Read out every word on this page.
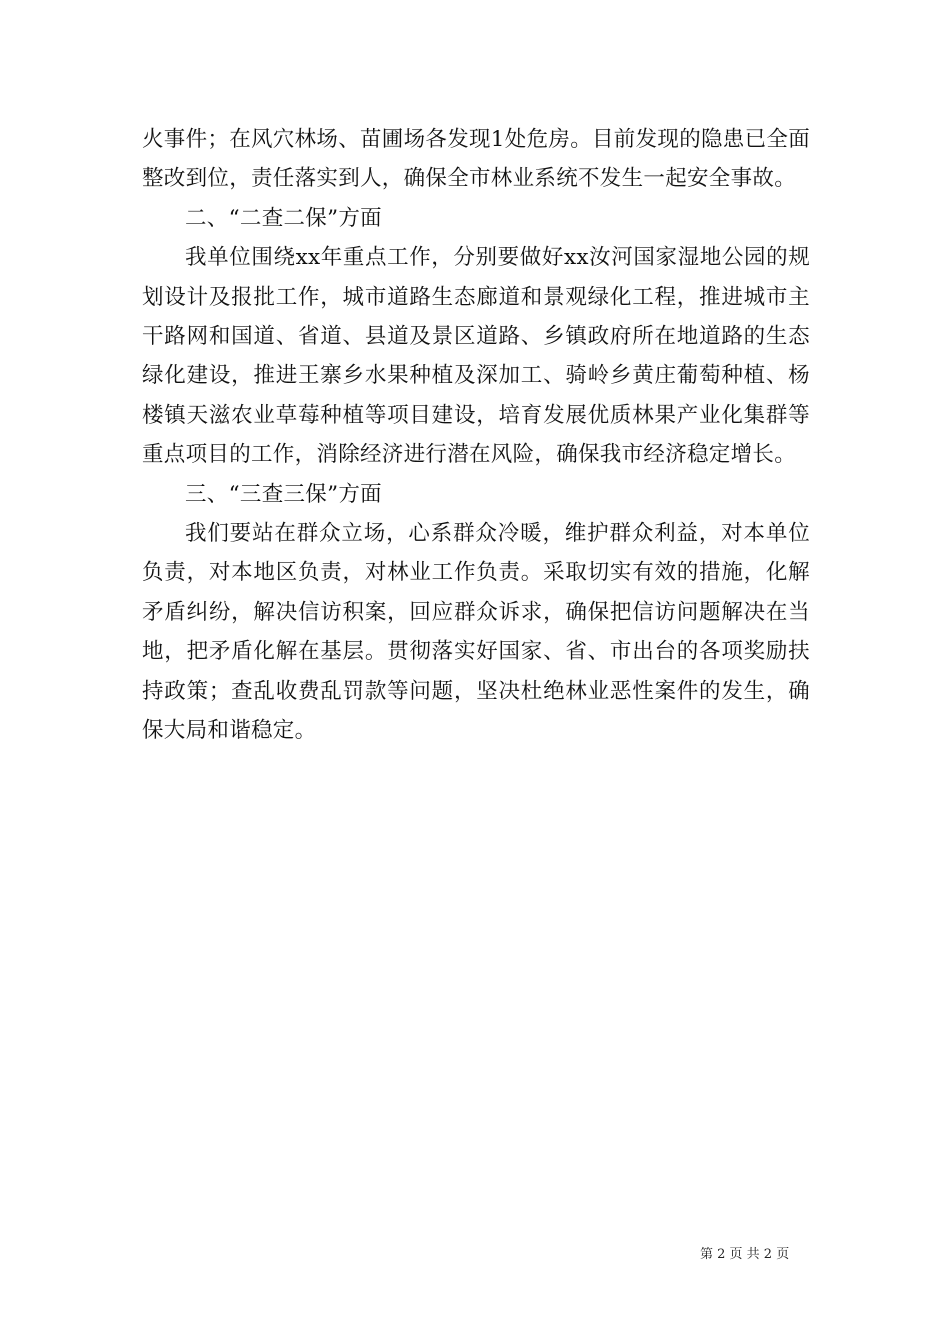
火事件；在风穴林场、苗圃场各发现1处危房。目前发现的隐患已全面整改到位，责任落实到人，确保全市林业系统不发生一起安全事故。

二、“二查二保”方面

我单位围绕xx年重点工作，分别要做好xx汝河国家湿地公园的规划设计及报批工作，城市道路生态廊道和景观绿化工程，推进城市主干路网和国道、省道、县道及景区道路、乡镇政府所在地道路的生态绿化建设，推进王寨乡水果种植及深加工、骑岭乡黄庄葡萄种植、杨楼镇天滋农业草莓种植等项目建设，培育发展优质林果产业化集群等重点项目的工作，消除经济进行潜在风险，确保我市经济稳定增长。

三、“三查三保”方面

我们要站在群众立场，心系群众冷暖，维护群众利益，对本单位负责，对本地区负责，对林业工作负责。采取切实有效的措施，化解矛盾纠纷，解决信访积案，回应群众诉求，确保把信访问题解决在当地，把矛盾化解在基层。贯彻落实好国家、省、市出台的各项奖励扶持政策；查乱收费乱罚款等问题，坚决杜绝林业恶性案件的发生，确保大局和谐稳定。

第 2 页 共 2 页
